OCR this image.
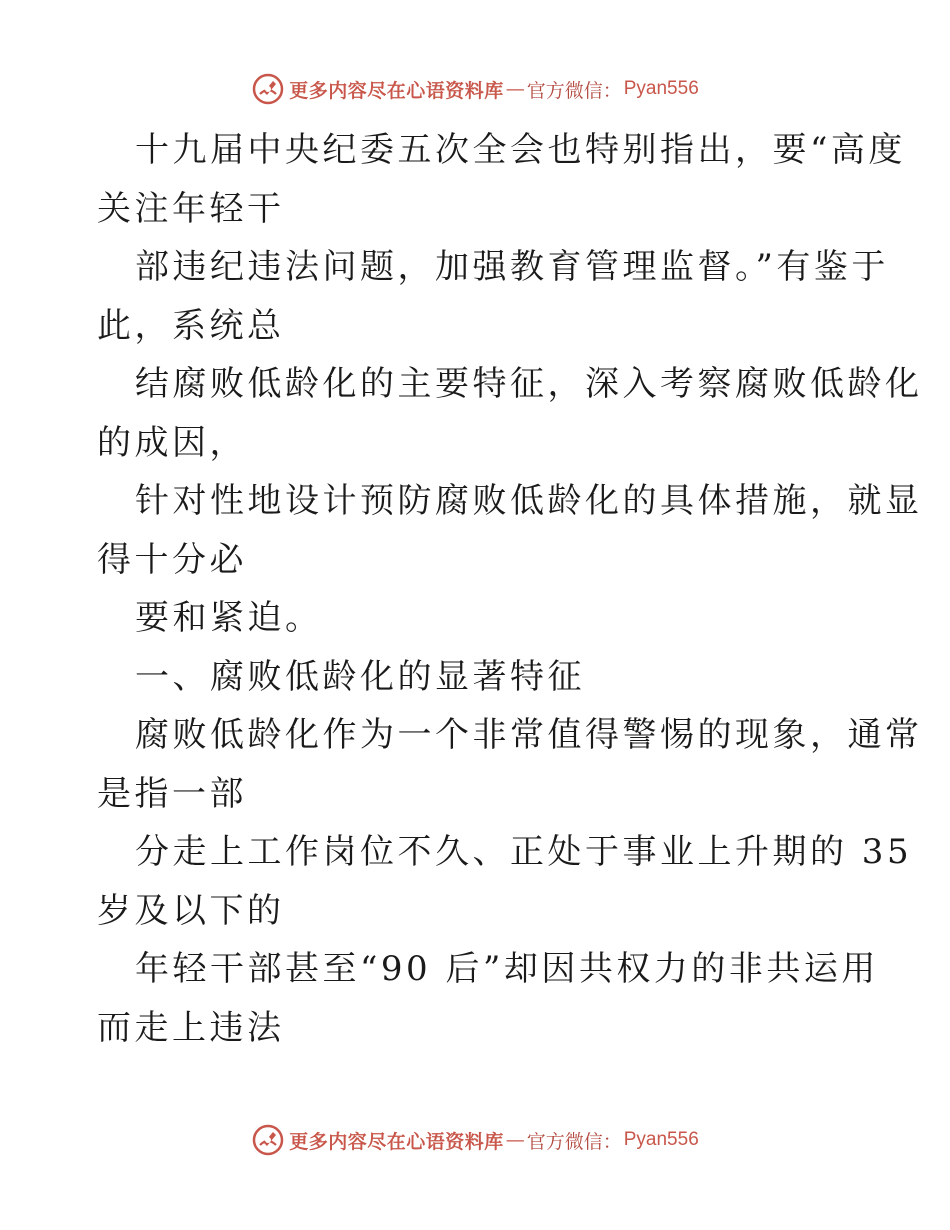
更多内容尽在心语资料库 — 官方微信： Pyan556
十九届中央纪委五次全会也特别指出，要“高度
关注年轻干
部违纪违法问题，加强教育管理监督。”有鉴于
此，系统总
结腐败低龄化的主要特征，深入考察腐败低龄化
的成因，
针对性地设计预防腐败低龄化的具体措施，就显
得十分必
要和紧迫。
一、腐败低龄化的显著特征
腐败低龄化作为一个非常值得警惕的现象，通常
是指一部
分走上工作岗位不久、正处于事业上升期的 35
岁及以下的
年轻干部甚至“90 后”却因共权力的非共运用
而走上违法
更多内容尽在心语资料库 — 官方微信： Pyan556
